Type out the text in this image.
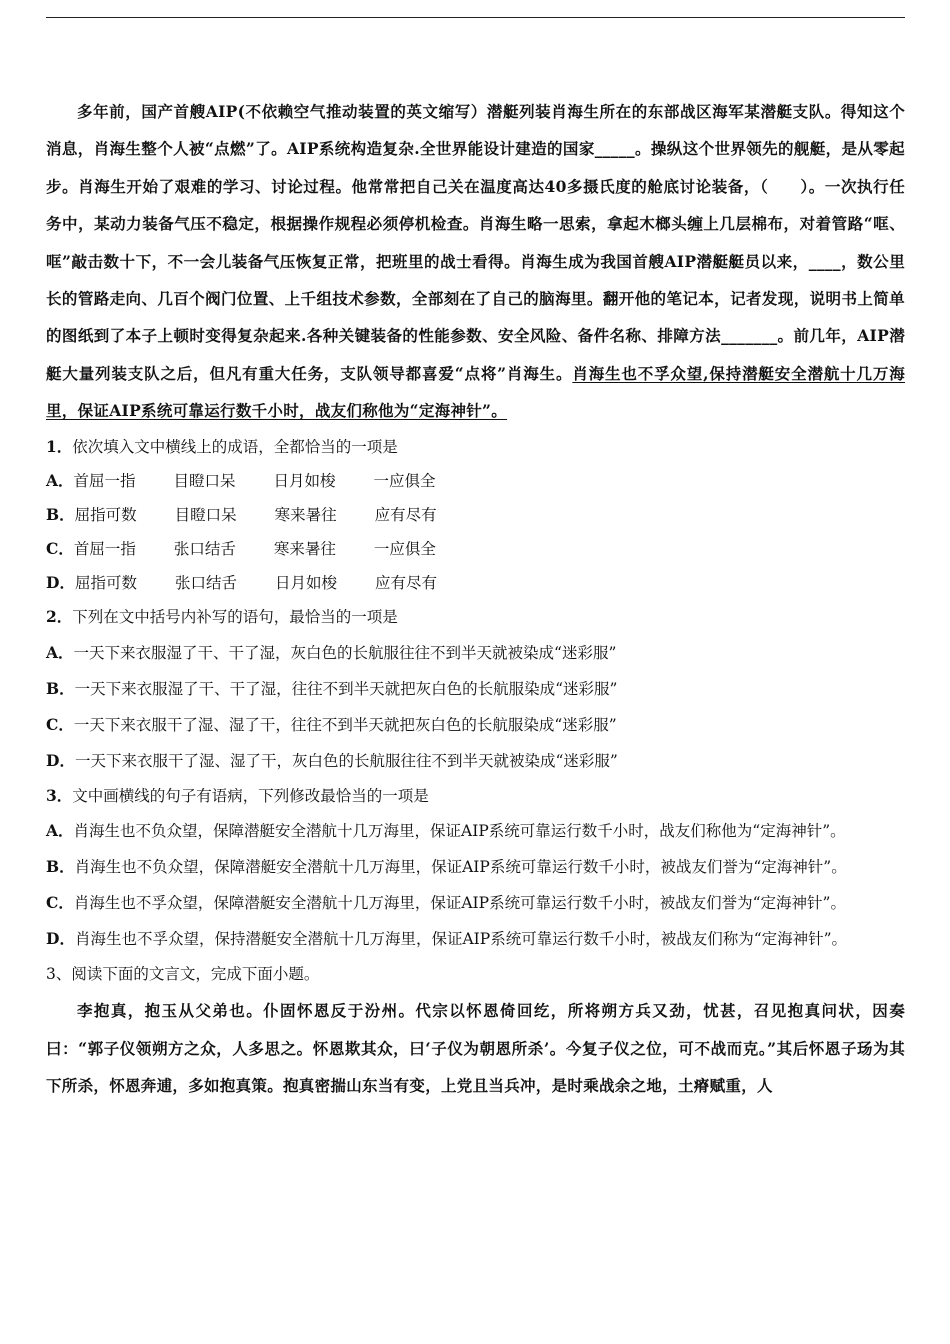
多年前，国产首艘AIP(不依赖空气推动装置的英文缩写）潜艇列装肖海生所在的东部战区海军某潜艇支队。得知这个消息，肖海生整个人被“点燃”了。AIP系统构造复杂.全世界能设计建造的国家_____。操纵这个世界领先的舰艇，是从零起步。肖海生开始了艰难的学习、讨论过程。他常常把自己关在温度高达40多摄氏度的舱底讨论装备，（　　）。一次执行任务中，某动力装备气压不稳定，根据操作规程必须停机检查。肖海生略一思索，拿起木榔头缠上几层棉布，对着管路“哐、哐”敲击数十下，不一会儿装备气压恢复正常，把班里的战士看得。肖海生成为我国首艘AIP潜艇艇员以来，____，数公里长的管路走向、几百个阀门位置、上千组技术参数，全部刻在了自己的脑海里。翻开他的笔记本，记者发现，说明书上简单的图纸到了本子上顿时变得复杂起来.各种关键装备的性能参数、安全风险、备件名称、排障方法_______。前几年，AIP潜艇大量列装支队之后，但凡有重大任务，支队领导都喜爱“点将”肖海生。肖海生也不孚众望,保持潜艇安全潜航十几万海里，保证AIP系统可靠运行数千小时，战友们称他为“定海神针”。

1．依次填入文中横线上的成语，全都恰当的一项是

A．首屈一指 目瞪口呆 日月如梭 一应俱全

B．屈指可数 目瞪口呆 寒来暑往 应有尽有

C．首屈一指 张口结舌 寒来暑往 一应俱全

D．屈指可数 张口结舌 日月如梭 应有尽有

2．下列在文中括号内补写的语句，最恰当的一项是

A．一天下来衣服湿了干、干了湿，灰白色的长航服往往不到半天就被染成“迷彩服”

B．一天下来衣服湿了干、干了湿，往往不到半天就把灰白色的长航服染成“迷彩服”

C．一天下来衣服干了湿、湿了干，往往不到半天就把灰白色的长航服染成“迷彩服”

D．一天下来衣服干了湿、湿了干，灰白色的长航服往往不到半天就被染成“迷彩服”

3．文中画横线的句子有语病，下列修改最恰当的一项是

A．肖海生也不负众望，保障潜艇安全潜航十几万海里，保证AIP系统可靠运行数千小时，战友们称他为“定海神针”。

B．肖海生也不负众望，保障潜艇安全潜航十几万海里，保证AIP系统可靠运行数千小时，被战友们誉为“定海神针”。

C．肖海生也不孚众望，保障潜艇安全潜航十几万海里，保证AIP系统可靠运行数千小时，被战友们誉为“定海神针”。

D．肖海生也不孚众望，保持潜艇安全潜航十几万海里，保证AIP系统可靠运行数千小时，被战友们称为“定海神针”。

3、阅读下面的文言文，完成下面小题。

李抱真，抱玉从父弟也。仆固怀恩反于汾州。代宗以怀恩倚回纥，所将朔方兵又劲，忧甚，召见抱真问状，因奏曰：“郭子仪领朔方之众，人多思之。怀恩欺其众，曰‘子仪为朝恩所杀’。今复子仪之位，可不战而克。”其后怀恩子玚为其下所杀，怀恩奔逋，多如抱真策。抱真密揣山东当有变，上党且当兵冲，是时乘战余之地，土瘠赋重，人
